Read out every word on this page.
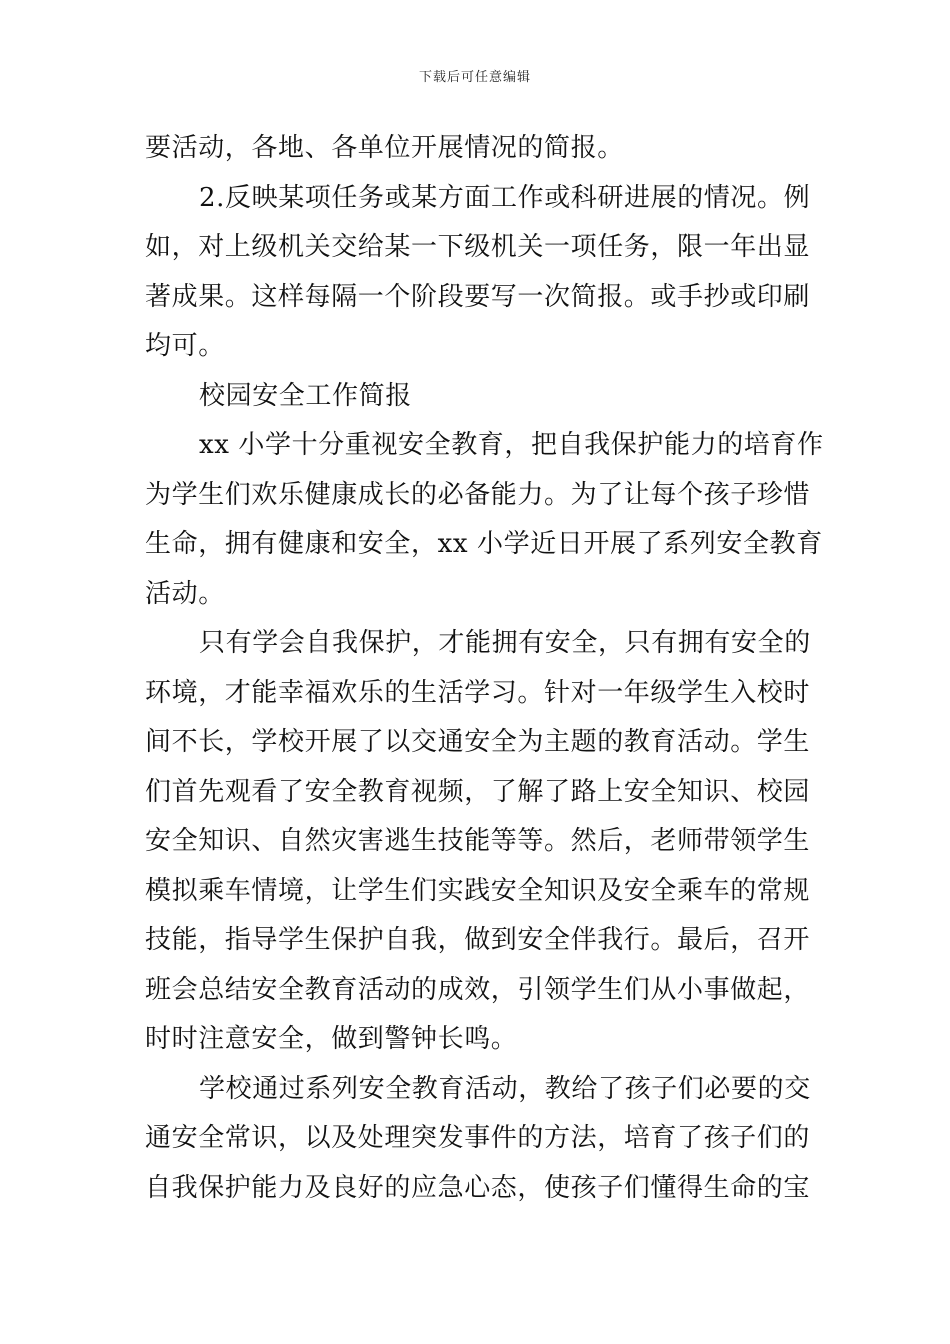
下载后可任意编辑
要活动，各地、各单位开展情况的简报。
2.反映某项任务或某方面工作或科研进展的情况。例
如，对上级机关交给某一下级机关一项任务，限一年出显
著成果。这样每隔一个阶段要写一次简报。或手抄或印刷
均可。
校园安全工作简报
xx 小学十分重视安全教育，把自我保护能力的培育作
为学生们欢乐健康成长的必备能力。为了让每个孩子珍惜
生命，拥有健康和安全，xx 小学近日开展了系列安全教育
活动。
只有学会自我保护，才能拥有安全，只有拥有安全的
环境，才能幸福欢乐的生活学习。针对一年级学生入校时
间不长，学校开展了以交通安全为主题的教育活动。学生
们首先观看了安全教育视频，了解了路上安全知识、校园
安全知识、自然灾害逃生技能等等。然后，老师带领学生
模拟乘车情境，让学生们实践安全知识及安全乘车的常规
技能，指导学生保护自我，做到安全伴我行。最后，召开
班会总结安全教育活动的成效，引领学生们从小事做起，
时时注意安全，做到警钟长鸣。
学校通过系列安全教育活动，教给了孩子们必要的交
通安全常识，以及处理突发事件的方法，培育了孩子们的
自我保护能力及良好的应急心态，使孩子们懂得生命的宝
